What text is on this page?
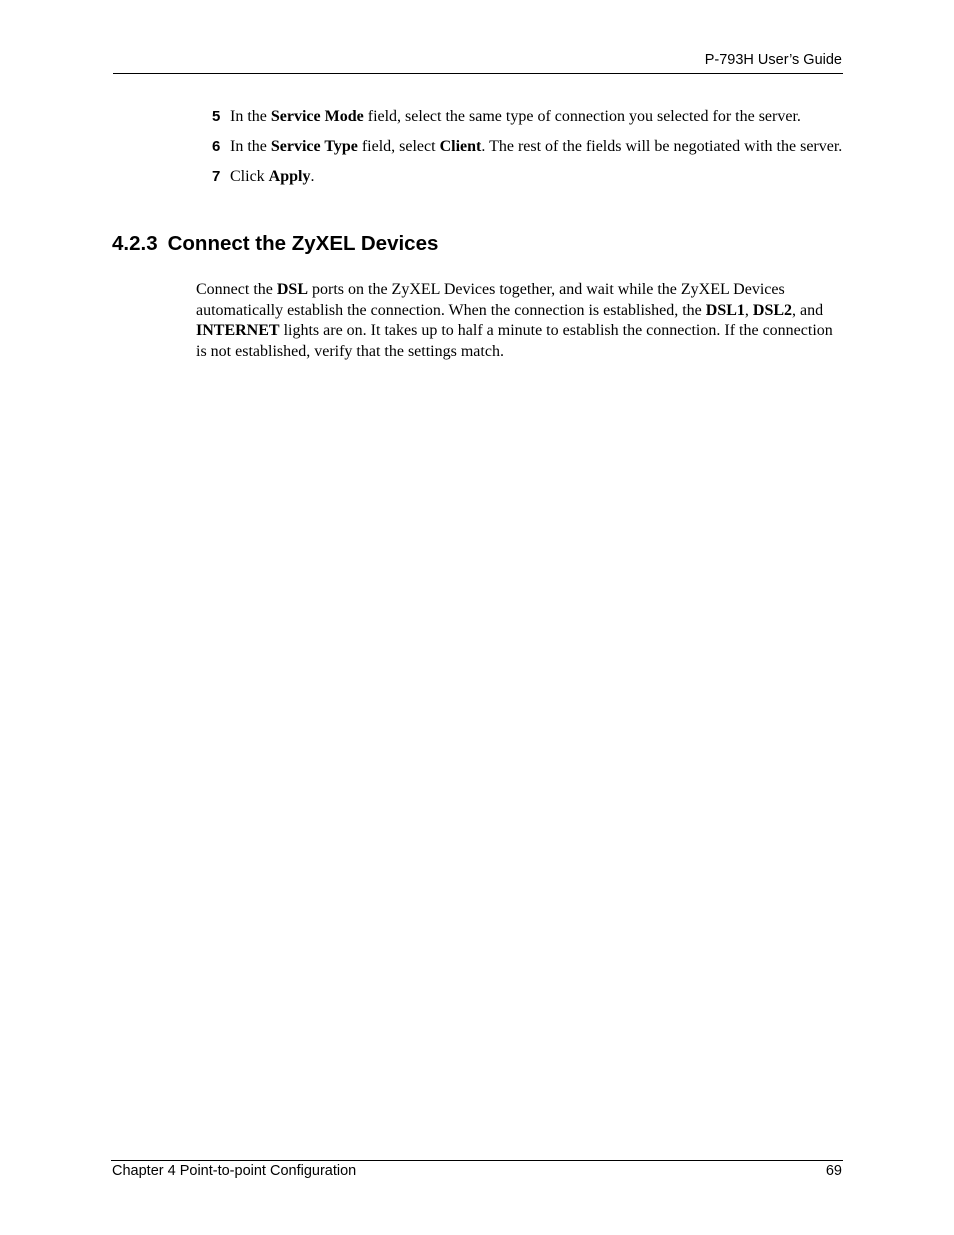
P-793H User’s Guide
5 In the Service Mode field, select the same type of connection you selected for the server.
6 In the Service Type field, select Client. The rest of the fields will be negotiated with the server.
7 Click Apply.
4.2.3 Connect the ZyXEL Devices

Connect the DSL ports on the ZyXEL Devices together, and wait while the ZyXEL Devices automatically establish the connection. When the connection is established, the DSL1, DSL2, and INTERNET lights are on. It takes up to half a minute to establish the connection. If the connection is not established, verify that the settings match.

Chapter 4 Point-to-point Configuration	69
